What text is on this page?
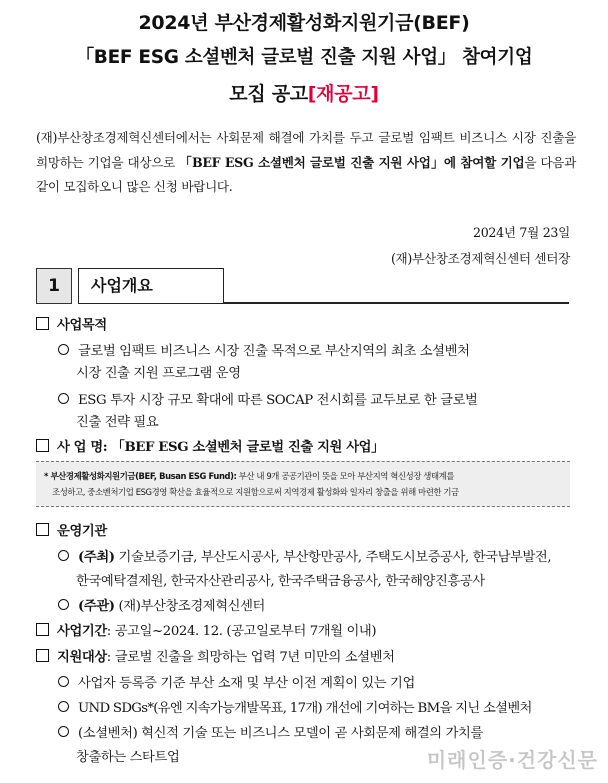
2024년 부산경제활성화지원기금(BEF)
「BEF ESG 소셜벤처 글로벌 진출 지원 사업」 참여기업
모집 공고[재공고]
(재)부산창조경제혁신센터에서는 사회문제 해결에 가치를 두고 글로벌 임팩트 비즈니스 시장 진출을 희망하는 기업을 대상으로 「BEF ESG 소셜벤처 글로벌 진출 지원 사업」에 참여할 기업을 다음과 같이 모집하오니 많은 신청 바랍니다.
2024년 7월 23일
(재)부산창조경제혁신센터 센터장
1	사업개요
사업목적
글로벌 임팩트 비즈니스 시장 진출 목적으로 부산지역의 최초 소셜벤처
시장 진출 지원 프로그램 운영
ESG 투자 시장 규모 확대에 따른 SOCAP 전시회를 교두보로 한 글로벌
진출 전략 필요
사 업 명: 「BEF ESG 소셜벤처 글로벌 진출 지원 사업」
* 부산경제활성화지원기금(BEF, Busan ESG Fund): 부산 내 9개 공공기관이 뜻을 모아 부산지역 혁신성장 생태계를
조성하고, 중소벤처기업 ESG경영 확산을 효율적으로 지원함으로써 지역경제 활성화와 일자리 창출을 위해 마련한 기금
운영기관
(주최) 기술보증기금, 부산도시공사, 부산항만공사, 주택도시보증공사, 한국남부발전,
한국예탁결제원, 한국자산관리공사, 한국주택금융공사, 한국해양진흥공사
(주관) (재)부산창조경제혁신센터
사업기간: 공고일~2024. 12. (공고일로부터 7개월 이내)
지원대상: 글로벌 진출을 희망하는 업력 7년 미만의 소셜벤처
사업자 등록증 기준 부산 소재 및 부산 이전 계획이 있는 기업
UND SDGs*(유엔 지속가능개발목표, 17개) 개선에 기여하는 BM을 지닌 소셜벤처
(소셜벤처) 혁신적 기술 또는 비즈니스 모델이 곧 사회문제 해결의 가치를
창출하는 스타트업	미래인증·건강신문
